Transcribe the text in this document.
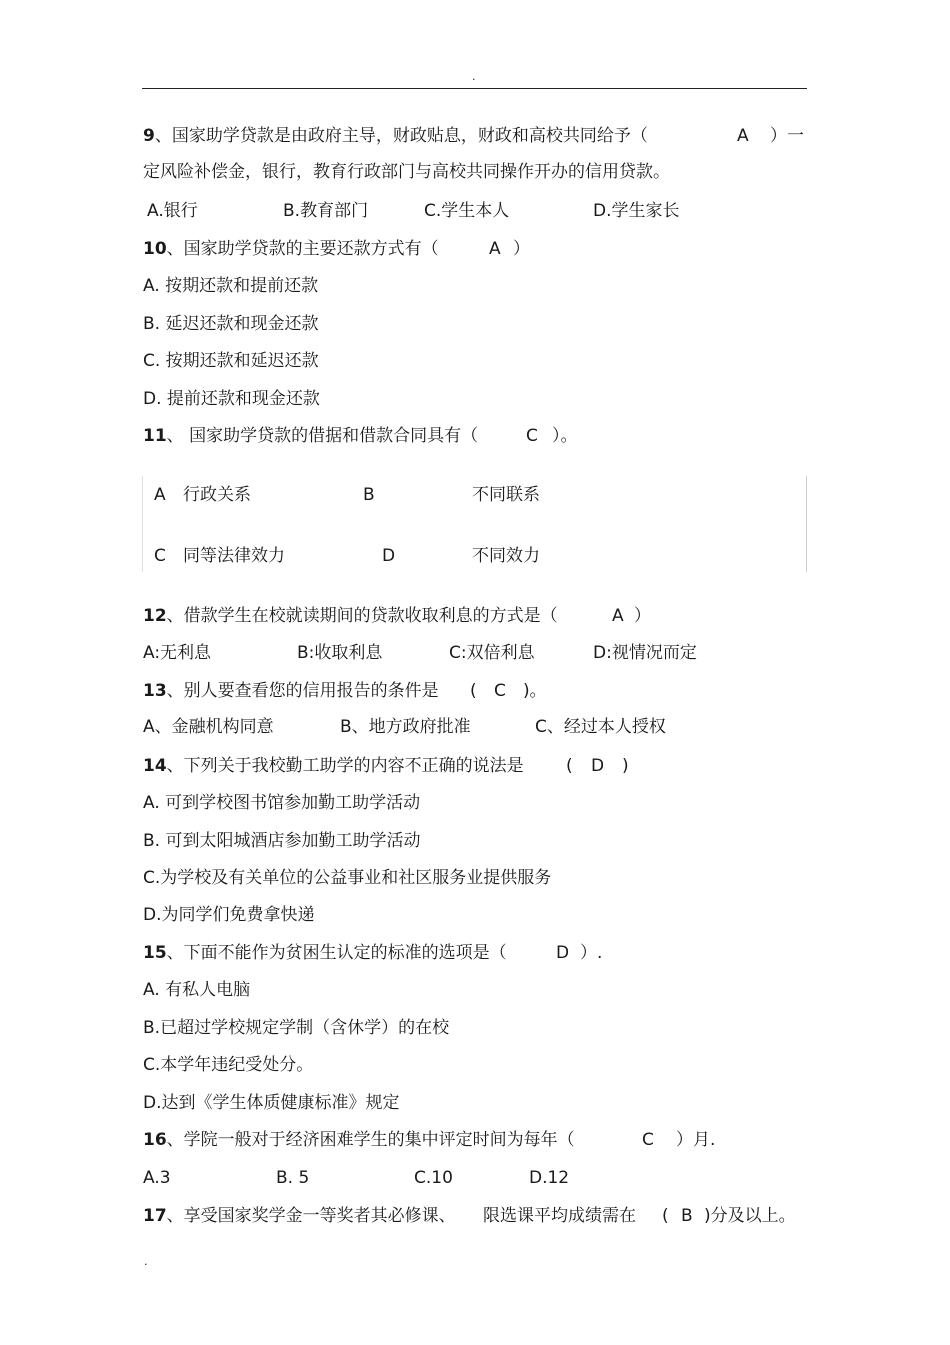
.
9、国家助学贷款是由政府主导，财政贴息，财政和高校共同给予（	A ）一
定风险补偿金，银行，教育行政部门与高校共同操作开办的信用贷款。
A.银行	B.教育部门	C.学生本人	D.学生家长
10、国家助学贷款的主要还款方式有（	A ）
A. 按期还款和提前还款
B. 延迟还款和现金还款
C. 按期还款和延迟还款
D. 提前还款和现金还款
11、 国家助学贷款的借据和借款合同具有（	C ）。
A 行政关系	B	不同联系
C 同等法律效力	D	不同效力
12、借款学生在校就读期间的贷款收取利息的方式是（	A ）
A:无利息	B:收取利息	C:双倍利息	D:视情况而定
13、别人要查看您的信用报告的条件是 ( C )。
A、金融机构同意	B、地方政府批准	C、经过本人授权
14、下列关于我校勤工助学的内容不正确的说法是 ( D )
A. 可到学校图书馆参加勤工助学活动
B. 可到太阳城酒店参加勤工助学活动
C.为学校及有关单位的公益事业和社区服务业提供服务
D.为同学们免费拿快递
15、下面不能作为贫困生认定的标准的选项是（	D ）.
A. 有私人电脑
B.已超过学校规定学制（含休学）的在校
C.本学年违纪受处分。
D.达到《学生体质健康标准》规定
16、学院一般对于经济困难学生的集中评定时间为每年（	C ）月.
A.3	B. 5	C.10	D.12
17、享受国家奖学金一等奖者其必修课、 限选课平均成绩需在 ( B )分及以上。
.
